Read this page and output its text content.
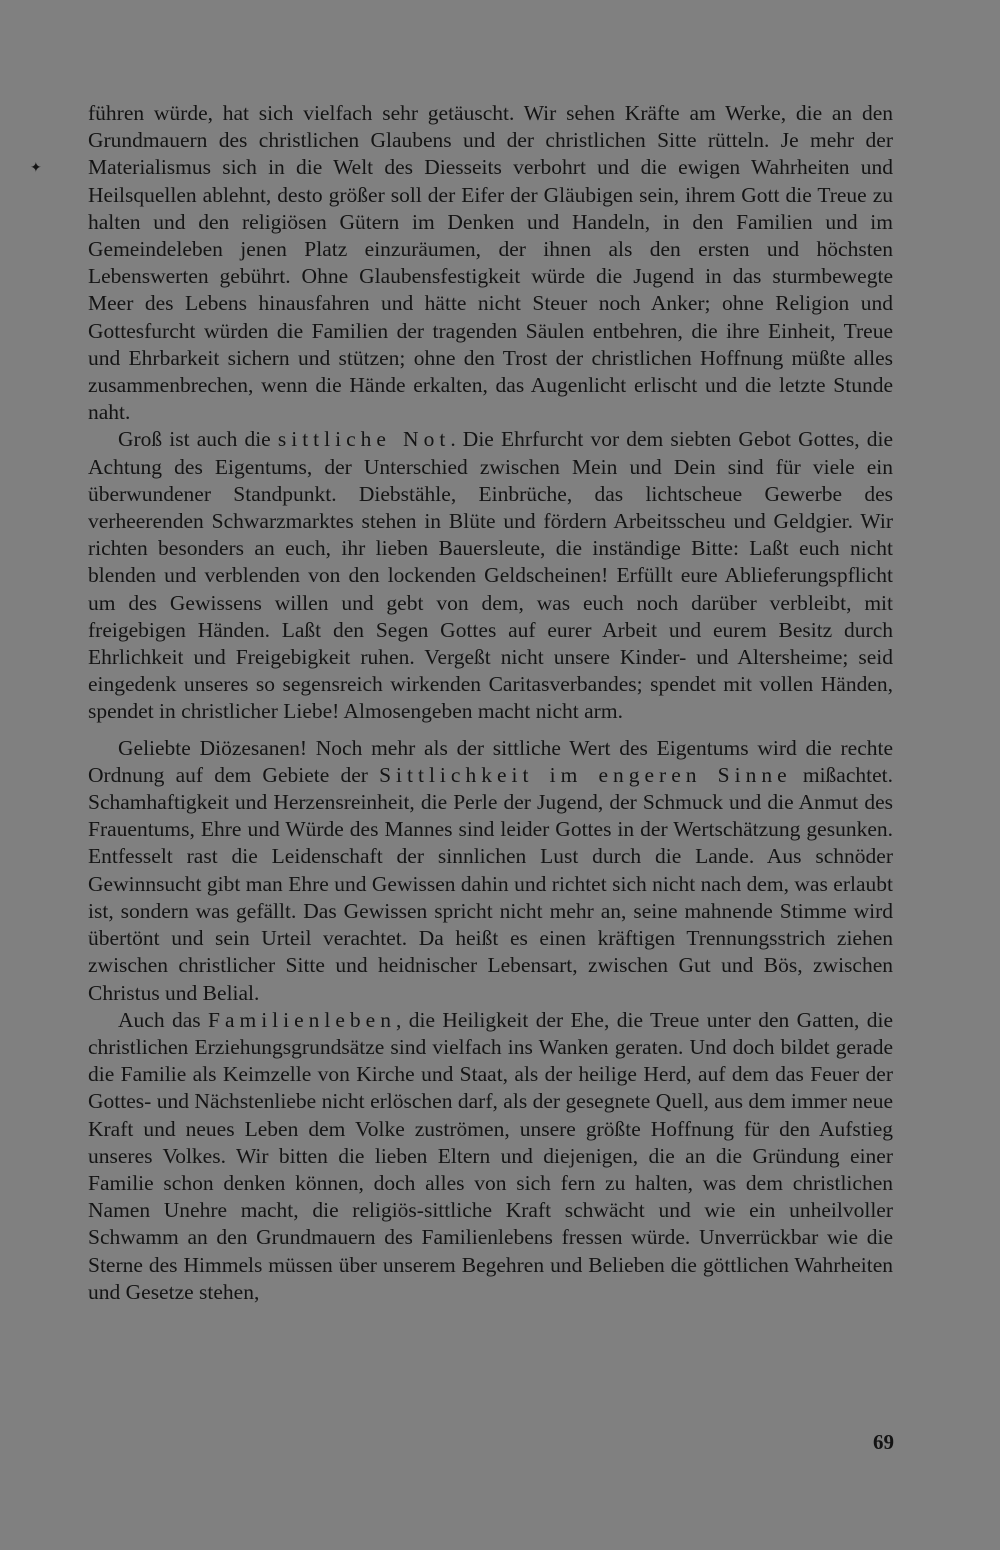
führen würde, hat sich vielfach sehr getäuscht. Wir sehen Kräfte am Werke, die an den Grundmauern des christlichen Glaubens und der christlichen Sitte rütteln. Je mehr der Materialismus sich in die Welt des Diesseits verbohrt und die ewigen Wahrheiten und Heilsquellen ablehnt, desto größer soll der Eifer der Gläubigen sein, ihrem Gott die Treue zu halten und den religiösen Gütern im Denken und Handeln, in den Familien und im Gemeindeleben jenen Platz einzuräumen, der ihnen als den ersten und höchsten Lebenswerten gebührt. Ohne Glaubensfestigkeit würde die Jugend in das sturmbewegte Meer des Lebens hinausfahren und hätte nicht Steuer noch Anker; ohne Religion und Gottesfurcht würden die Familien der tragenden Säulen entbehren, die ihre Einheit, Treue und Ehrbarkeit sichern und stützen; ohne den Trost der christlichen Hoffnung müßte alles zusammenbrechen, wenn die Hände erkalten, das Augenlicht erlischt und die letzte Stunde naht.

Groß ist auch die sittliche Not. Die Ehrfurcht vor dem siebten Gebot Gottes, die Achtung des Eigentums, der Unterschied zwischen Mein und Dein sind für viele ein überwundener Standpunkt. Diebstähle, Einbrüche, das lichtscheue Gewerbe des verheerenden Schwarzmarktes stehen in Blüte und fördern Arbeitsscheu und Geldgier. Wir richten besonders an euch, ihr lieben Bauersleute, die inständige Bitte: Laßt euch nicht blenden und verblenden von den lockenden Geldscheinen! Erfüllt eure Ablieferungspflicht um des Gewissens willen und gebt von dem, was euch noch darüber verbleibt, mit freigebigen Händen. Laßt den Segen Gottes auf eurer Arbeit und eurem Besitz durch Ehrlichkeit und Freigebigkeit ruhen. Vergeßt nicht unsere Kinder- und Altersheime; seid eingedenk unseres so segensreich wirkenden Caritasverbandes; spendet mit vollen Händen, spendet in christlicher Liebe! Almosengeben macht nicht arm.

Geliebte Diözesanen! Noch mehr als der sittliche Wert des Eigentums wird die rechte Ordnung auf dem Gebiete der Sittlichkeit im engeren Sinne mißachtet. Schamhaftigkeit und Herzensreinheit, die Perle der Jugend, der Schmuck und die Anmut des Frauentums, Ehre und Würde des Mannes sind leider Gottes in der Wertschätzung gesunken. Entfesselt rast die Leidenschaft der sinnlichen Lust durch die Lande. Aus schnöder Gewinnsucht gibt man Ehre und Gewissen dahin und richtet sich nicht nach dem, was erlaubt ist, sondern was gefällt. Das Gewissen spricht nicht mehr an, seine mahnende Stimme wird übertönt und sein Urteil verachtet. Da heißt es einen kräftigen Trennungsstrich ziehen zwischen christlicher Sitte und heidnischer Lebensart, zwischen Gut und Bös, zwischen Christus und Belial.

Auch das Familienleben, die Heiligkeit der Ehe, die Treue unter den Gatten, die christlichen Erziehungsgrundsätze sind vielfach ins Wanken geraten. Und doch bildet gerade die Familie als Keimzelle von Kirche und Staat, als der heilige Herd, auf dem das Feuer der Gottes- und Nächstenliebe nicht erlöschen darf, als der gesegnete Quell, aus dem immer neue Kraft und neues Leben dem Volke zuströmen, unsere größte Hoffnung für den Aufstieg unseres Volkes. Wir bitten die lieben Eltern und diejenigen, die an die Gründung einer Familie schon denken können, doch alles von sich fern zu halten, was dem christlichen Namen Unehre macht, die religiös-sittliche Kraft schwächt und wie ein unheilvoller Schwamm an den Grundmauern des Familienlebens fressen würde. Unverrückbar wie die Sterne des Himmels müssen über unserem Begehren und Belieben die göttlichen Wahrheiten und Gesetze stehen,

69
✦
